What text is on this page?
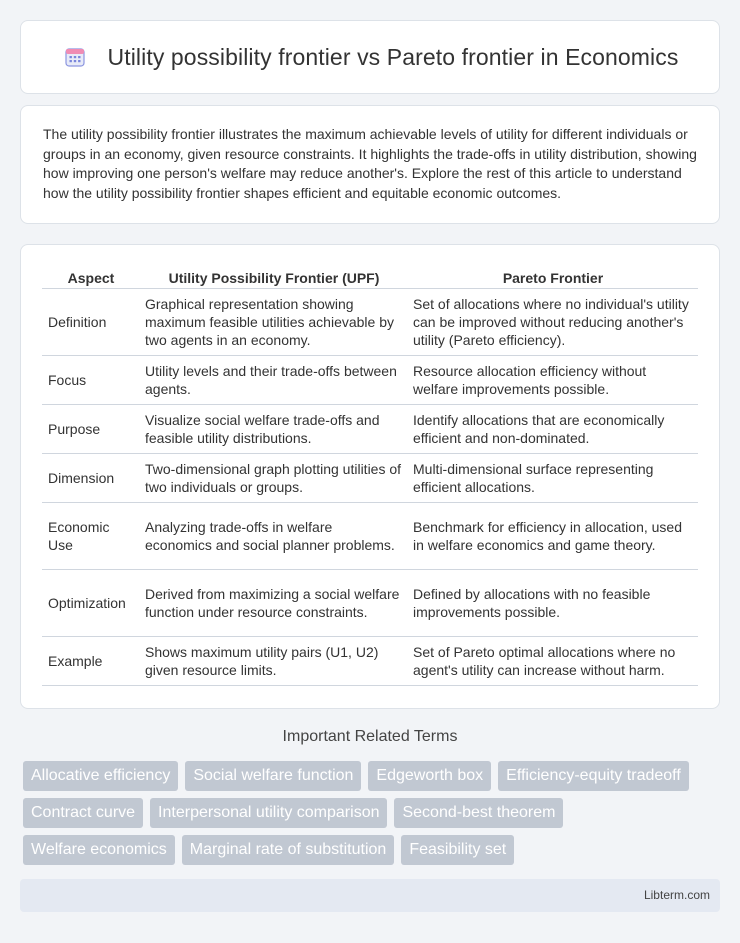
Utility possibility frontier vs Pareto frontier in Economics

The utility possibility frontier illustrates the maximum achievable levels of utility for different individuals or groups in an economy, given resource constraints. It highlights the trade-offs in utility distribution, showing how improving one person's welfare may reduce another's. Explore the rest of this article to understand how the utility possibility frontier shapes efficient and equitable economic outcomes.

Aspect	Utility Possibility Frontier (UPF)	Pareto Frontier
Definition	Graphical representation showing maximum feasible utilities achievable by two agents in an economy.	Set of allocations where no individual's utility can be improved without reducing another's utility (Pareto efficiency).
Focus	Utility levels and their trade-offs between agents.	Resource allocation efficiency without welfare improvements possible.
Purpose	Visualize social welfare trade-offs and feasible utility distributions.	Identify allocations that are economically efficient and non-dominated.
Dimension	Two-dimensional graph plotting utilities of two individuals or groups.	Multi-dimensional surface representing efficient allocations.
Economic Use	Analyzing trade-offs in welfare economics and social planner problems.	Benchmark for efficiency in allocation, used in welfare economics and game theory.
Optimization	Derived from maximizing a social welfare function under resource constraints.	Defined by allocations with no feasible improvements possible.
Example	Shows maximum utility pairs (U1, U2) given resource limits.	Set of Pareto optimal allocations where no agent's utility can increase without harm.
Important Related Terms
Allocative efficiency	Social welfare function	Edgeworth box	Efficiency-equity tradeoff
Contract curve	Interpersonal utility comparison	Second-best theorem
Welfare economics	Marginal rate of substitution	Feasibility set
Libterm.com
